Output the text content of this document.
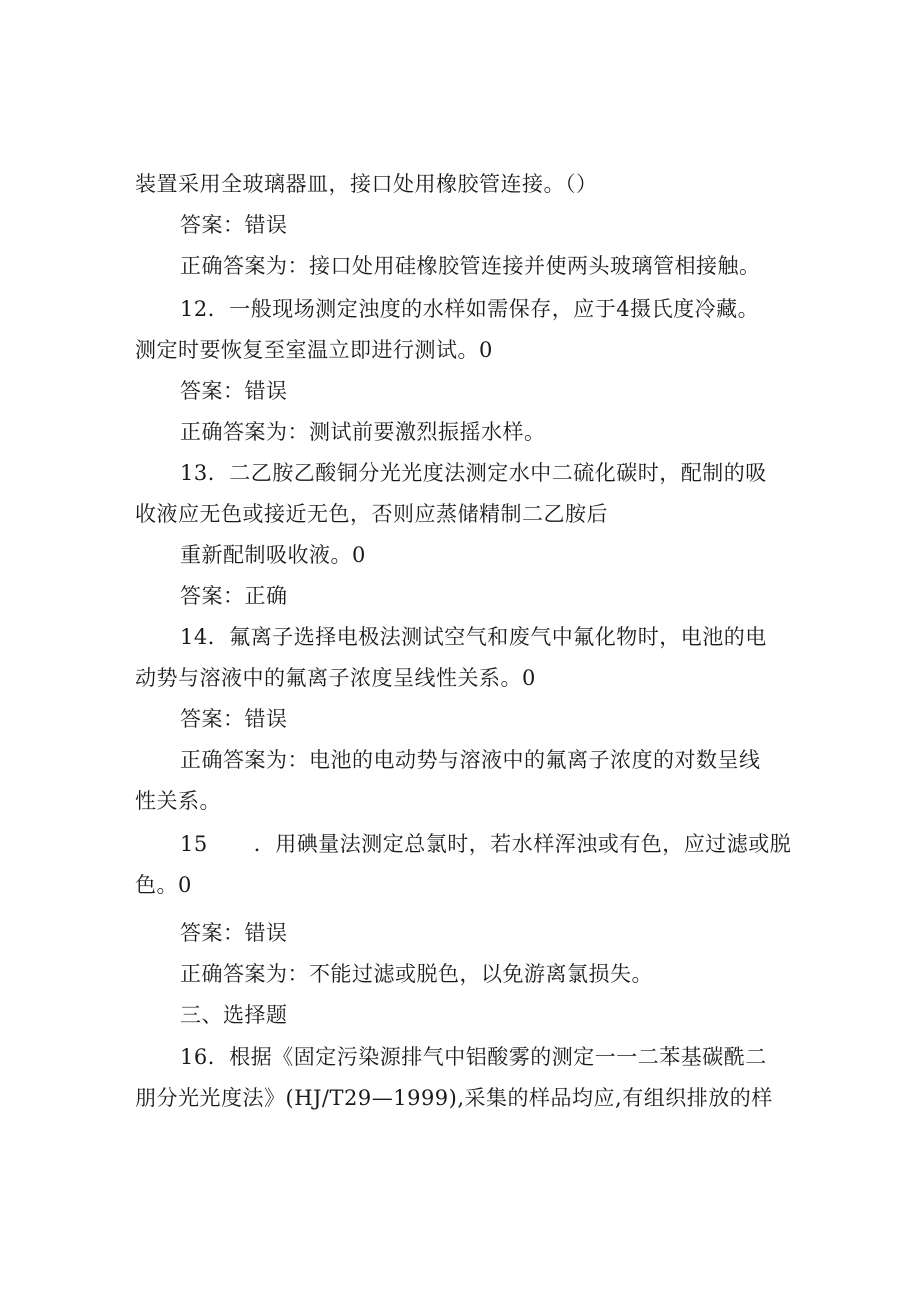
装置采用全玻璃器皿，接口处用橡胶管连接。（）
答案：错误
正确答案为：接口处用硅橡胶管连接并使两头玻璃管相接触。
12．一般现场测定浊度的水样如需保存，应于4摄氏度冷藏。
测定时要恢复至室温立即进行测试。0
答案：错误
正确答案为：测试前要激烈振摇水样。
13．二乙胺乙酸铜分光光度法测定水中二硫化碳时，配制的吸
收液应无色或接近无色，否则应蒸储精制二乙胺后
重新配制吸收液。0
答案：正确
14．氟离子选择电极法测试空气和废气中氟化物时，电池的电
动势与溶液中的氟离子浓度呈线性关系。0
答案：错误
正确答案为：电池的电动势与溶液中的氟离子浓度的对数呈线
性关系。
15 ．用碘量法测定总氯时，若水样浑浊或有色，应过滤或脱
色。0
答案：错误
正确答案为：不能过滤或脱色，以免游离氯损失。
三、选择题
16．根据《固定污染源排气中铝酸雾的测定一一二苯基碳酰二
朋分光光度法》(HJ/T29—1999),采集的样品均应,有组织排放的样
